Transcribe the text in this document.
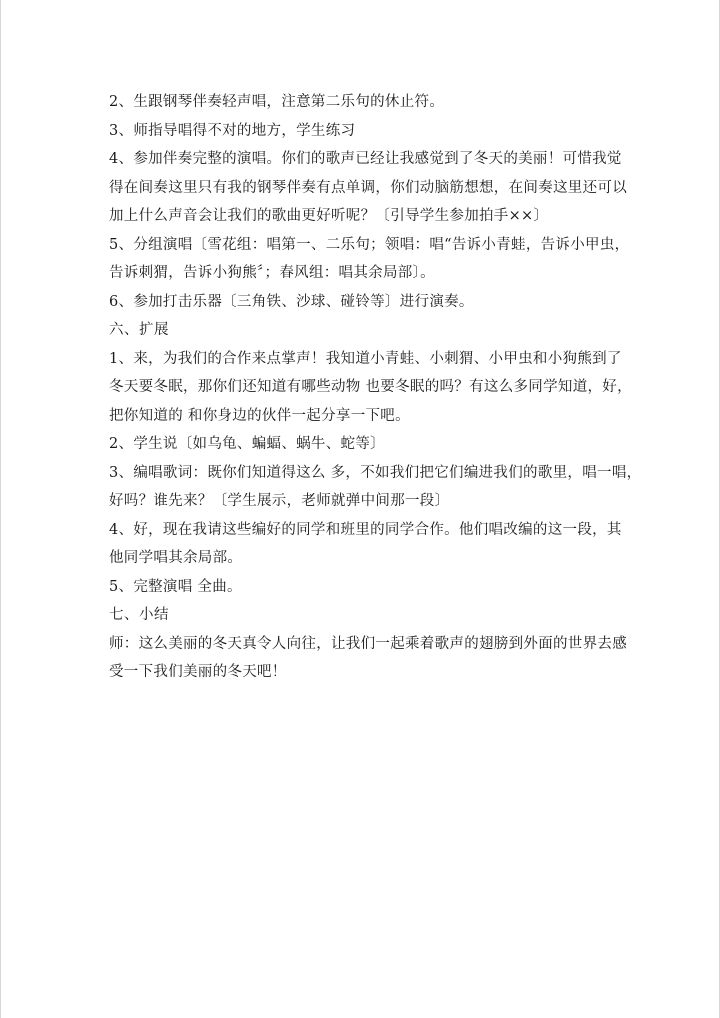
2、生跟钢琴伴奏轻声唱，注意第二乐句的休止符。
3、师指导唱得不对的地方，学生练习
4、参加伴奏完整的演唱。你们的歌声已经让我感觉到了冬天的美丽！可惜我觉
得在间奏这里只有我的钢琴伴奏有点单调，你们动脑筋想想，在间奏这里还可以
加上什么声音会让我们的歌曲更好听呢？〔引导学生参加拍手××〕
5、分组演唱〔雪花组：唱第一、二乐句；领唱：唱“告诉小青蛙，告诉小甲虫，
告诉刺猬，告诉小狗熊〞；春风组：唱其余局部〕。
6、参加打击乐器〔三角铁、沙球、碰铃等〕进行演奏。
六、扩展
1、来，为我们的合作来点掌声！我知道小青蛙、小刺猬、小甲虫和小狗熊到了
冬天要冬眠，那你们还知道有哪些动物 也要冬眠的吗？有这么多同学知道，好，
把你知道的 和你身边的伙伴一起分享一下吧。
2、学生说〔如乌龟、蝙蝠、蜗牛、蛇等〕
3、编唱歌词：既你们知道得这么 多，不如我们把它们编进我们的歌里，唱一唱，
好吗？谁先来？〔学生展示，老师就弹中间那一段〕
4、好，现在我请这些编好的同学和班里的同学合作。他们唱改编的这一段，其
他同学唱其余局部。
5、完整演唱 全曲。
七、小结
师：这么美丽的冬天真令人向往，让我们一起乘着歌声的翅膀到外面的世界去感
受一下我们美丽的冬天吧！
